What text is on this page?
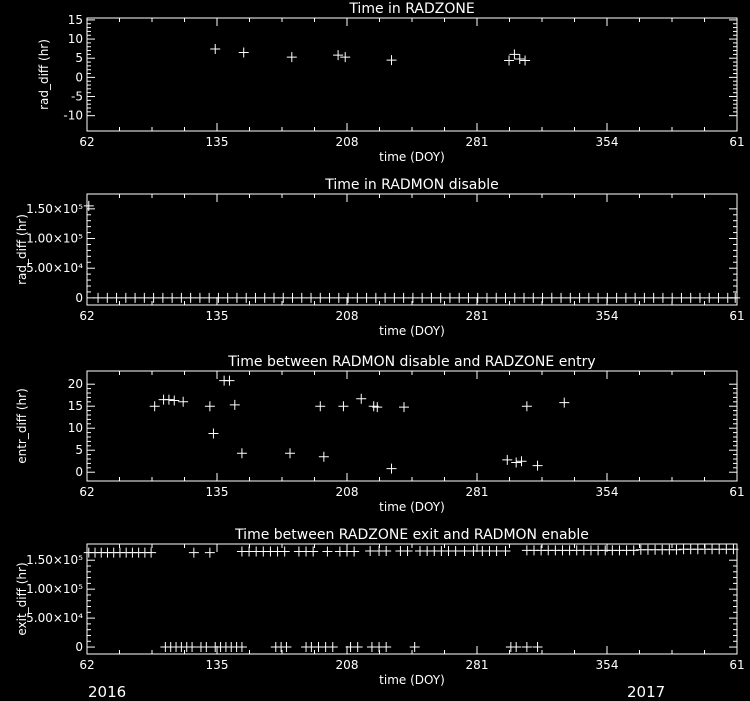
Time in RADZONE
62	135	208	281	354	61
time (DOY)
-10
-5
0
5
10
15
rad_diff (hr)
Time in RADMON disable
62	135	208	281	354	61
time (DOY)
0
5.00×10⁴
1.00×10⁵
1.50×10⁵
rad_diff (hr)
Time between RADMON disable and RADZONE entry
62	135	208	281	354	61
time (DOY)
0
5
10
15
20
entr_diff (hr)
Time between RADZONE exit and RADMON enable
62	135	208	281	354	61
time (DOY)
0
5.00×10⁴
1.00×10⁵
1.50×10⁵
exit_diff (hr)
2016	2017
